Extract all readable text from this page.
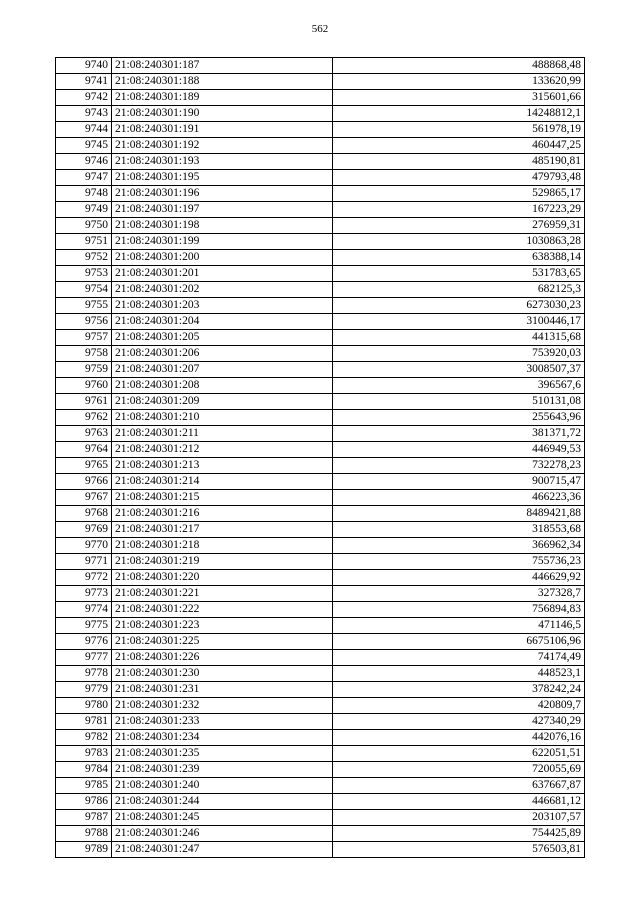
562
9740	21:08:240301:187	488868,48
9741	21:08:240301:188	133620,99
9742	21:08:240301:189	315601,66
9743	21:08:240301:190	14248812,1
9744	21:08:240301:191	561978,19
9745	21:08:240301:192	460447,25
9746	21:08:240301:193	485190,81
9747	21:08:240301:195	479793,48
9748	21:08:240301:196	529865,17
9749	21:08:240301:197	167223,29
9750	21:08:240301:198	276959,31
9751	21:08:240301:199	1030863,28
9752	21:08:240301:200	638388,14
9753	21:08:240301:201	531783,65
9754	21:08:240301:202	682125,3
9755	21:08:240301:203	6273030,23
9756	21:08:240301:204	3100446,17
9757	21:08:240301:205	441315,68
9758	21:08:240301:206	753920,03
9759	21:08:240301:207	3008507,37
9760	21:08:240301:208	396567,6
9761	21:08:240301:209	510131,08
9762	21:08:240301:210	255643,96
9763	21:08:240301:211	381371,72
9764	21:08:240301:212	446949,53
9765	21:08:240301:213	732278,23
9766	21:08:240301:214	900715,47
9767	21:08:240301:215	466223,36
9768	21:08:240301:216	8489421,88
9769	21:08:240301:217	318553,68
9770	21:08:240301:218	366962,34
9771	21:08:240301:219	755736,23
9772	21:08:240301:220	446629,92
9773	21:08:240301:221	327328,7
9774	21:08:240301:222	756894,83
9775	21:08:240301:223	471146,5
9776	21:08:240301:225	6675106,96
9777	21:08:240301:226	74174,49
9778	21:08:240301:230	448523,1
9779	21:08:240301:231	378242,24
9780	21:08:240301:232	420809,7
9781	21:08:240301:233	427340,29
9782	21:08:240301:234	442076,16
9783	21:08:240301:235	622051,51
9784	21:08:240301:239	720055,69
9785	21:08:240301:240	637667,87
9786	21:08:240301:244	446681,12
9787	21:08:240301:245	203107,57
9788	21:08:240301:246	754425,89
9789	21:08:240301:247	576503,81
